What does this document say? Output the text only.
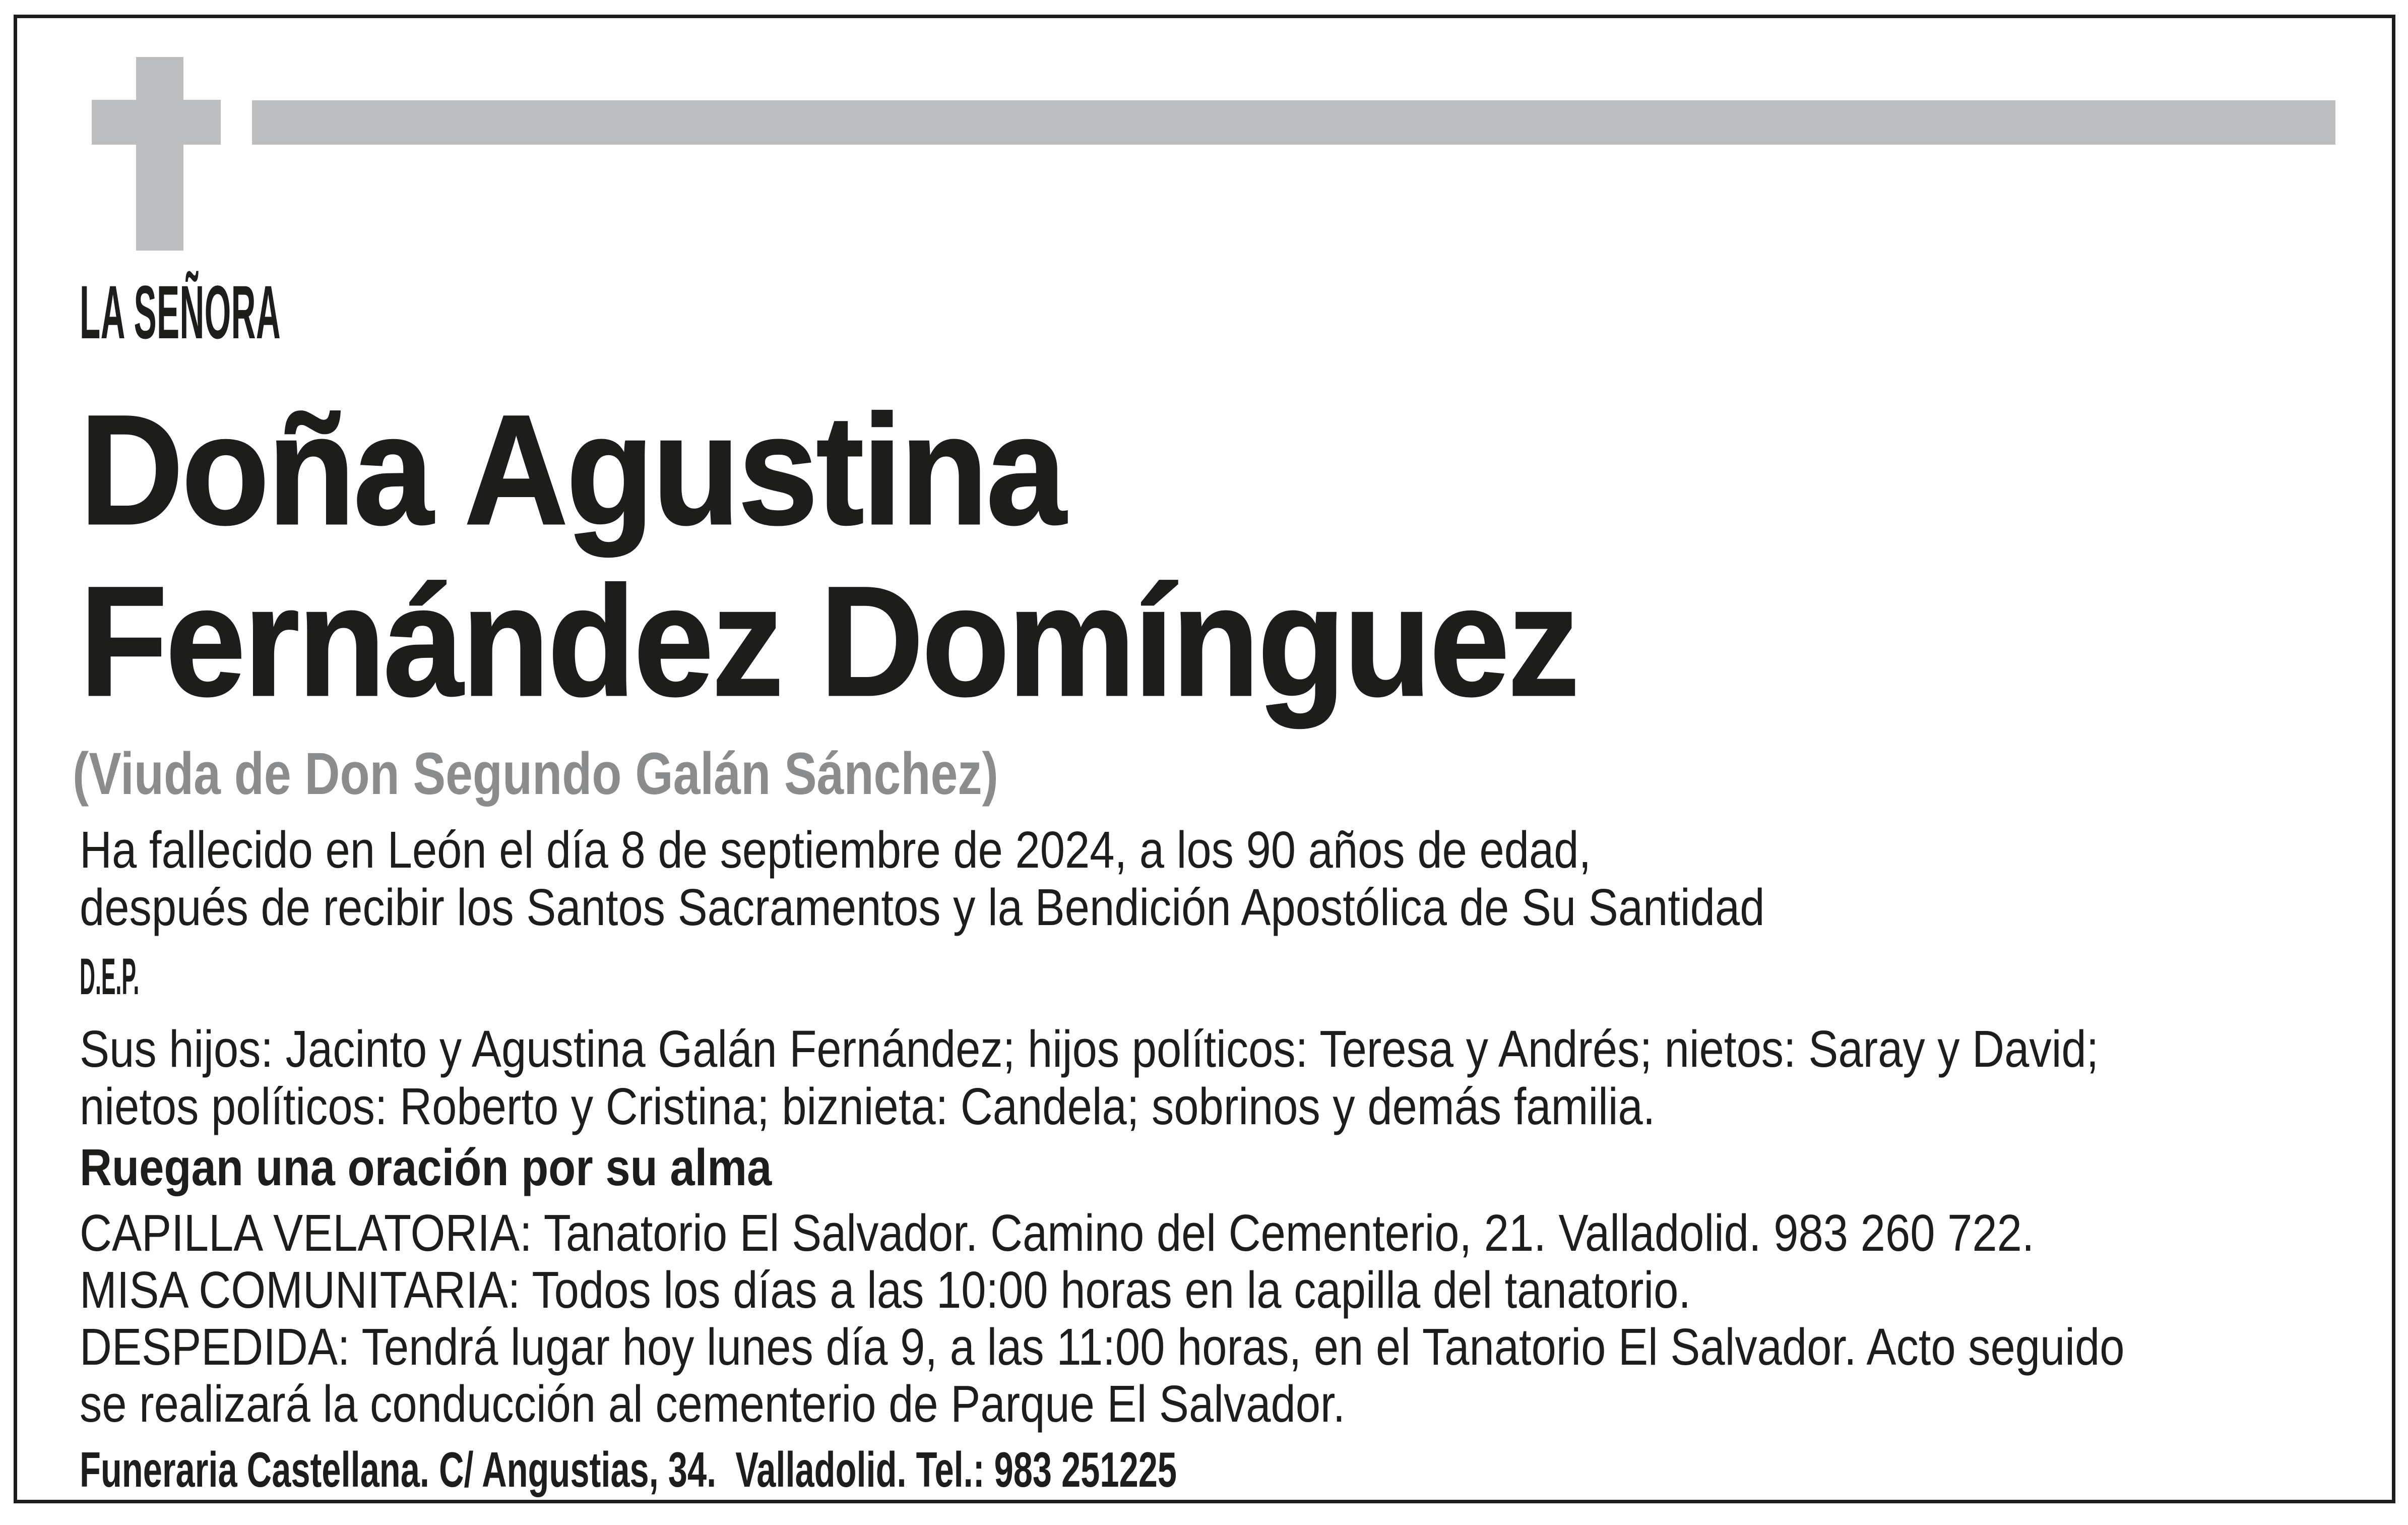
LA SEÑORA
Doña Agustina
Fernández Domínguez
(Viuda de Don Segundo Galán Sánchez)
Ha fallecido en León el día 8 de septiembre de 2024, a los 90 años de edad,
después de recibir los Santos Sacramentos y la Bendición Apostólica de Su Santidad
D.E.P.
Sus hijos: Jacinto y Agustina Galán Fernández; hijos políticos: Teresa y Andrés; nietos: Saray y David;
nietos políticos: Roberto y Cristina; biznieta: Candela; sobrinos y demás familia.
Ruegan una oración por su alma
CAPILLA VELATORIA: Tanatorio El Salvador. Camino del Cementerio, 21. Valladolid. 983 260 722.
MISA COMUNITARIA: Todos los días a las 10:00 horas en la capilla del tanatorio.
DESPEDIDA: Tendrá lugar hoy lunes día 9, a las 11:00 horas, en el Tanatorio El Salvador. Acto seguido
se realizará la conducción al cementerio de Parque El Salvador.
Funeraria Castellana. C/ Angustias, 34.  Valladolid. Tel.: 983 251225
